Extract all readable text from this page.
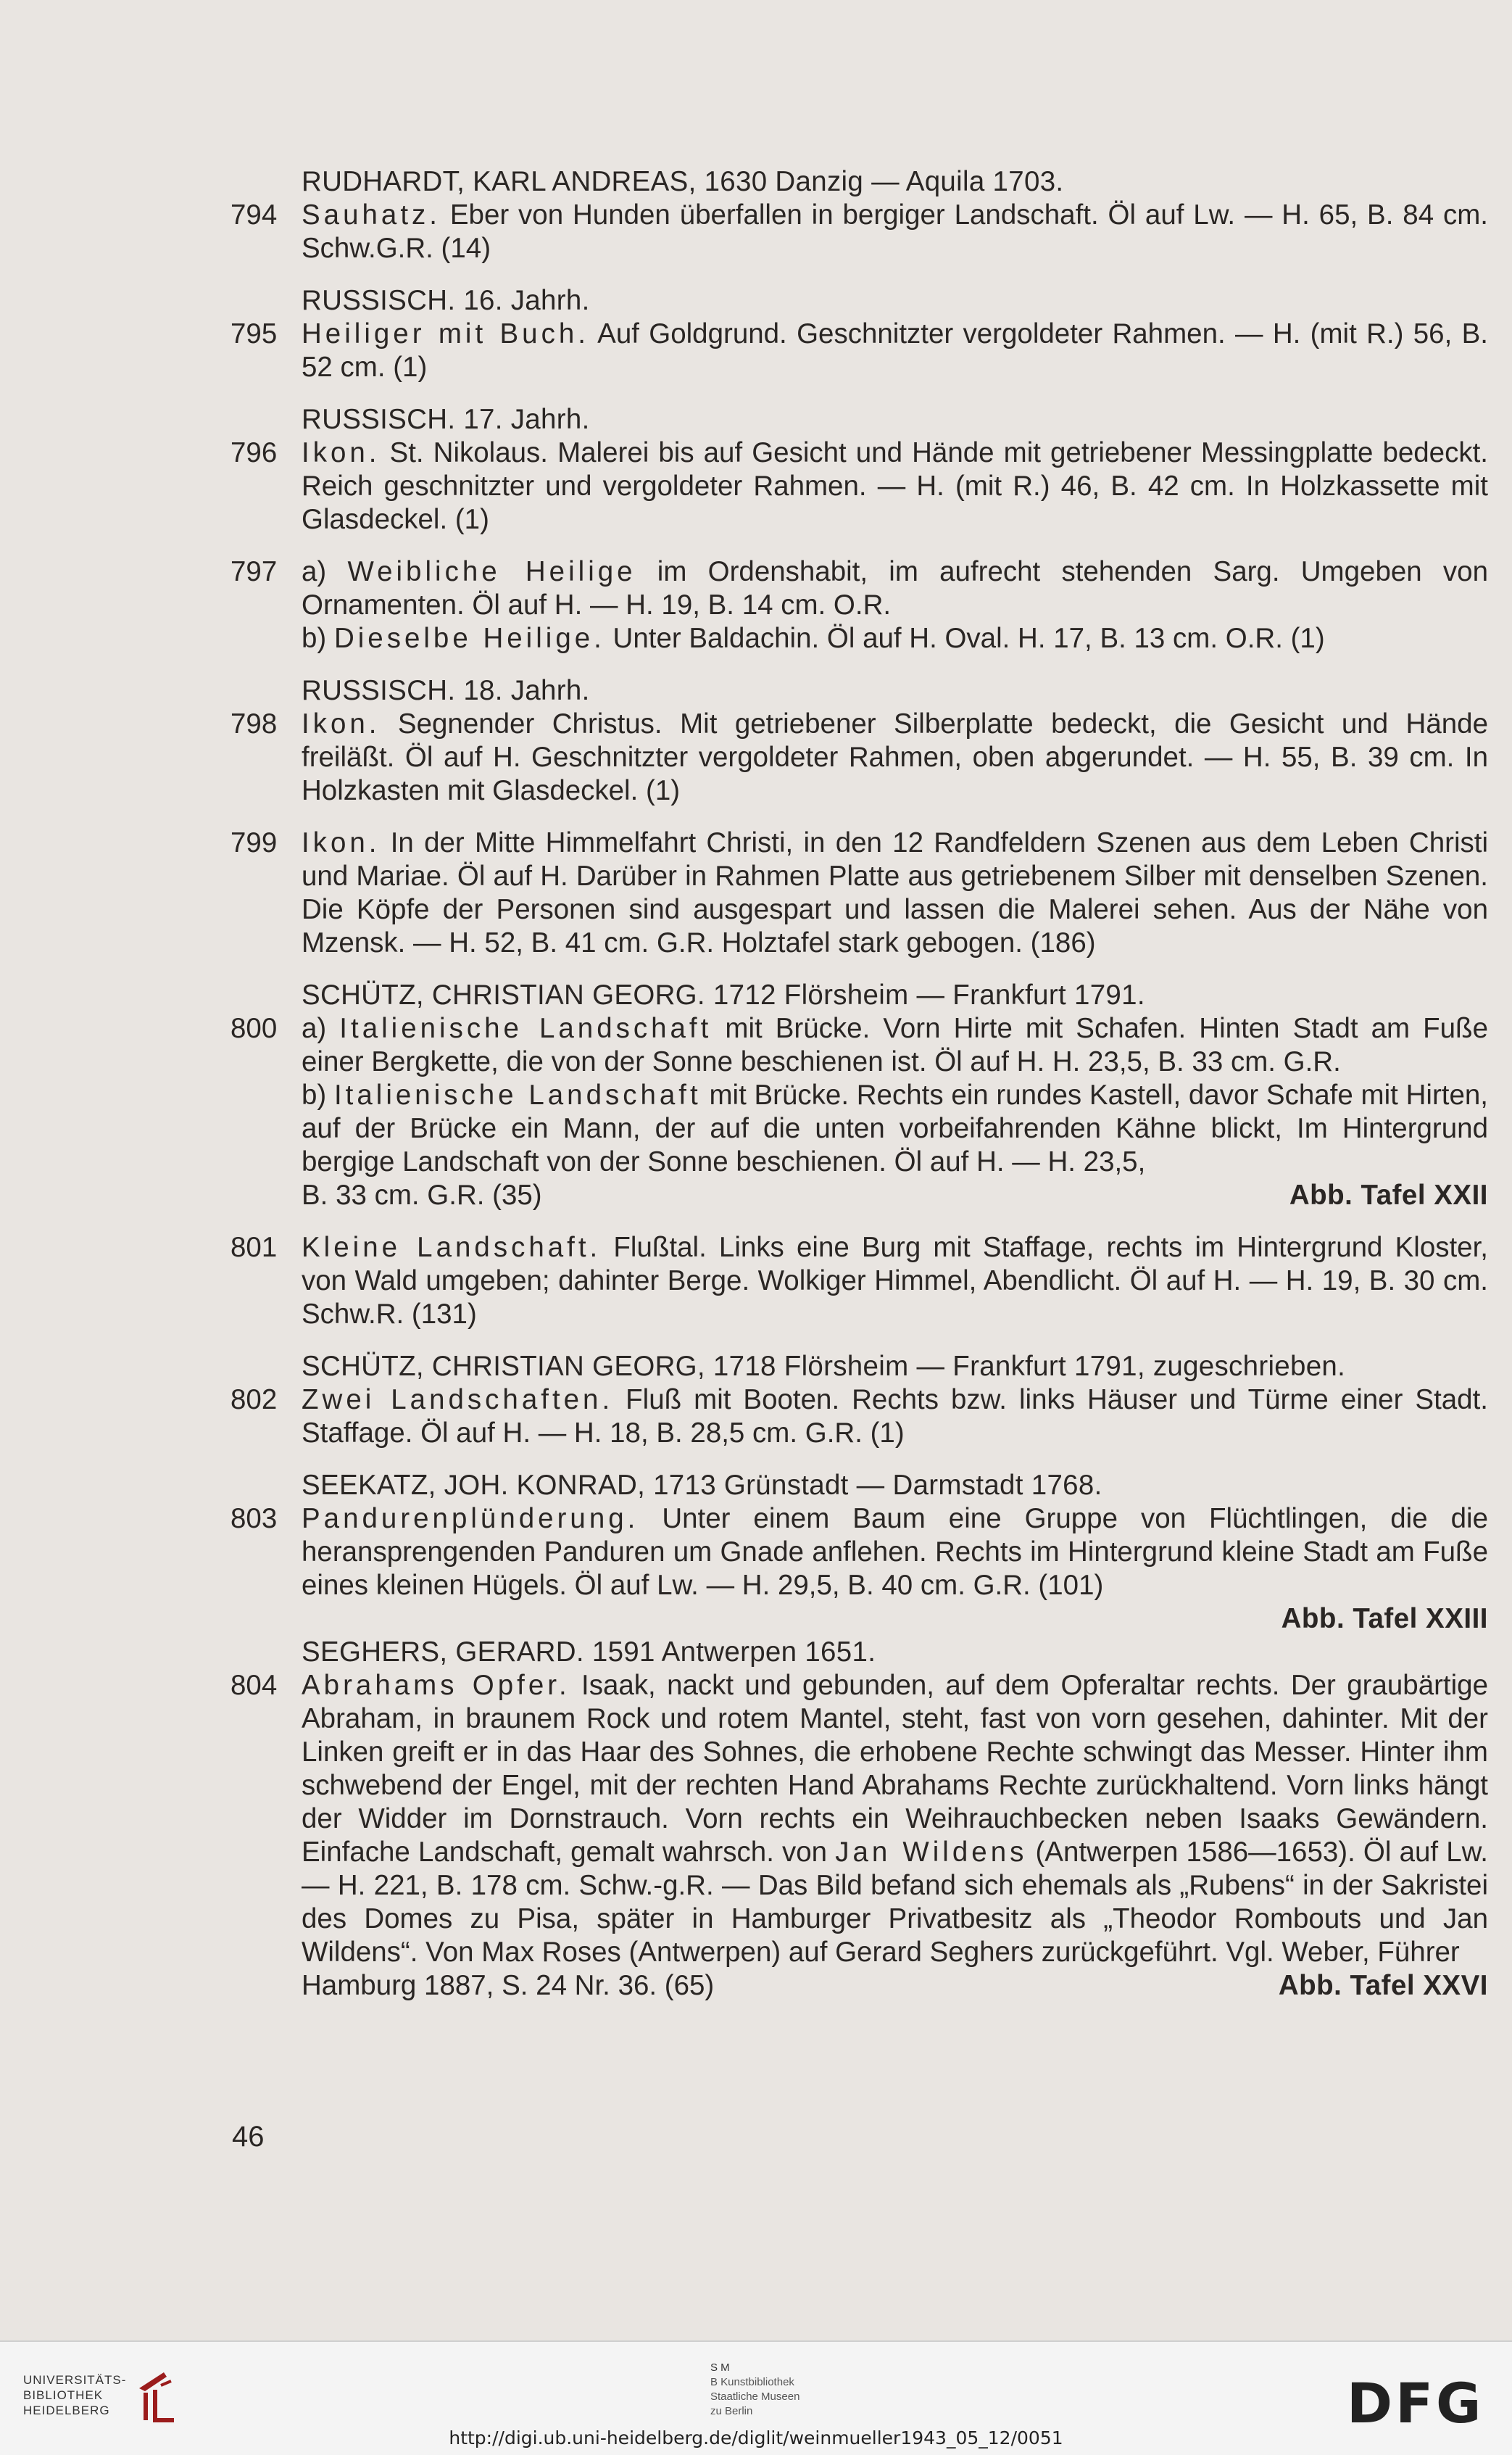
RUDHARDT, KARL ANDREAS, 1630 Danzig — Aquila 1703.
794 Sauhatz. Eber von Hunden überfallen in bergiger Landschaft. Öl auf Lw. — H. 65, B. 84 cm. Schw.G.R. (14)
RUSSISCH. 16. Jahrh.
795 Heiliger mit Buch. Auf Goldgrund. Geschnitzter vergoldeter Rahmen. — H. (mit R.) 56, B. 52 cm. (1)
RUSSISCH. 17. Jahrh.
796 Ikon. St. Nikolaus. Malerei bis auf Gesicht und Hände mit getriebener Messingplatte bedeckt. Reich geschnitzter und vergoldeter Rahmen. — H. (mit R.) 46, B. 42 cm. In Holzkassette mit Glasdeckel. (1)
797 a) Weibliche Heilige im Ordenshabit, im aufrecht stehenden Sarg. Umgeben von Ornamenten. Öl auf H. — H. 19, B. 14 cm. O.R.
b) Dieselbe Heilige. Unter Baldachin. Öl auf H. Oval. H. 17, B. 13 cm. O.R. (1)
RUSSISCH. 18. Jahrh.
798 Ikon. Segnender Christus. Mit getriebener Silberplatte bedeckt, die Gesicht und Hände freiläßt. Öl auf H. Geschnitzter vergoldeter Rahmen, oben abgerundet. — H. 55, B. 39 cm. In Holzkasten mit Glasdeckel. (1)
799 Ikon. In der Mitte Himmelfahrt Christi, in den 12 Randfeldern Szenen aus dem Leben Christi und Mariae. Öl auf H. Darüber in Rahmen Platte aus getriebenem Silber mit denselben Szenen. Die Köpfe der Personen sind ausgespart und lassen die Malerei sehen. Aus der Nähe von Mzensk. — H. 52, B. 41 cm. G.R. Holztafel stark gebogen. (186)
SCHÜTZ, CHRISTIAN GEORG. 1712 Flörsheim — Frankfurt 1791.
800 a) Italienische Landschaft mit Brücke. Vorn Hirte mit Schafen. Hinten Stadt am Fuße einer Bergkette, die von der Sonne beschienen ist. Öl auf H. H. 23,5, B. 33 cm. G.R.
b) Italienische Landschaft mit Brücke. Rechts ein rundes Kastell, davor Schafe mit Hirten, auf der Brücke ein Mann, der auf die unten vorbeifahrenden Kähne blickt, Im Hintergrund bergige Landschaft von der Sonne beschienen. Öl auf H. — H. 23,5,
B. 33 cm. G.R. (35)	Abb. Tafel XXII
801 Kleine Landschaft. Flußtal. Links eine Burg mit Staffage, rechts im Hintergrund Kloster, von Wald umgeben; dahinter Berge. Wolkiger Himmel, Abendlicht. Öl auf H. — H. 19, B. 30 cm. Schw.R. (131)
SCHÜTZ, CHRISTIAN GEORG, 1718 Flörsheim — Frankfurt 1791, zugeschrieben.
802 Zwei Landschaften. Fluß mit Booten. Rechts bzw. links Häuser und Türme einer Stadt. Staffage. Öl auf H. — H. 18, B. 28,5 cm. G.R. (1)
SEEKATZ, JOH. KONRAD, 1713 Grünstadt — Darmstadt 1768.
803 Pandurenplünderung. Unter einem Baum eine Gruppe von Flüchtlingen, die die heransprengenden Panduren um Gnade anflehen. Rechts im Hintergrund kleine Stadt am Fuße eines kleinen Hügels. Öl auf Lw. — H. 29,5, B. 40 cm. G.R. (101)
Abb. Tafel XXIII
SEGHERS, GERARD. 1591 Antwerpen 1651.
804 Abrahams Opfer. Isaak, nackt und gebunden, auf dem Opferaltar rechts. Der graubärtige Abraham, in braunem Rock und rotem Mantel, steht, fast von vorn gesehen, dahinter. Mit der Linken greift er in das Haar des Sohnes, die erhobene Rechte schwingt das Messer. Hinter ihm schwebend der Engel, mit der rechten Hand Abrahams Rechte zurückhaltend. Vorn links hängt der Widder im Dornstrauch. Vorn rechts ein Weihrauchbecken neben Isaaks Gewändern. Einfache Landschaft, gemalt wahrsch. von Jan Wildens (Antwerpen 1586—1653). Öl auf Lw. — H. 221, B. 178 cm. Schw.-g.R. — Das Bild befand sich ehemals als „Rubens“ in der Sakristei des Domes zu Pisa, später in Hamburger Privatbesitz als „Theodor Rombouts und Jan Wildens“. Von Max Roses (Antwerpen) auf Gerard Seghers zurückgeführt. Vgl. Weber, Führer
Hamburg 1887, S. 24 Nr. 36. (65)	Abb. Tafel XXVI
46
UNIVERSITÄTS-
BIBLIOTHEK
HEIDELBERG
S M
B Kunstbibliothek
Staatliche Museen
zu Berlin	DFG
http://digi.ub.uni-heidelberg.de/diglit/weinmueller1943_05_12/0051
